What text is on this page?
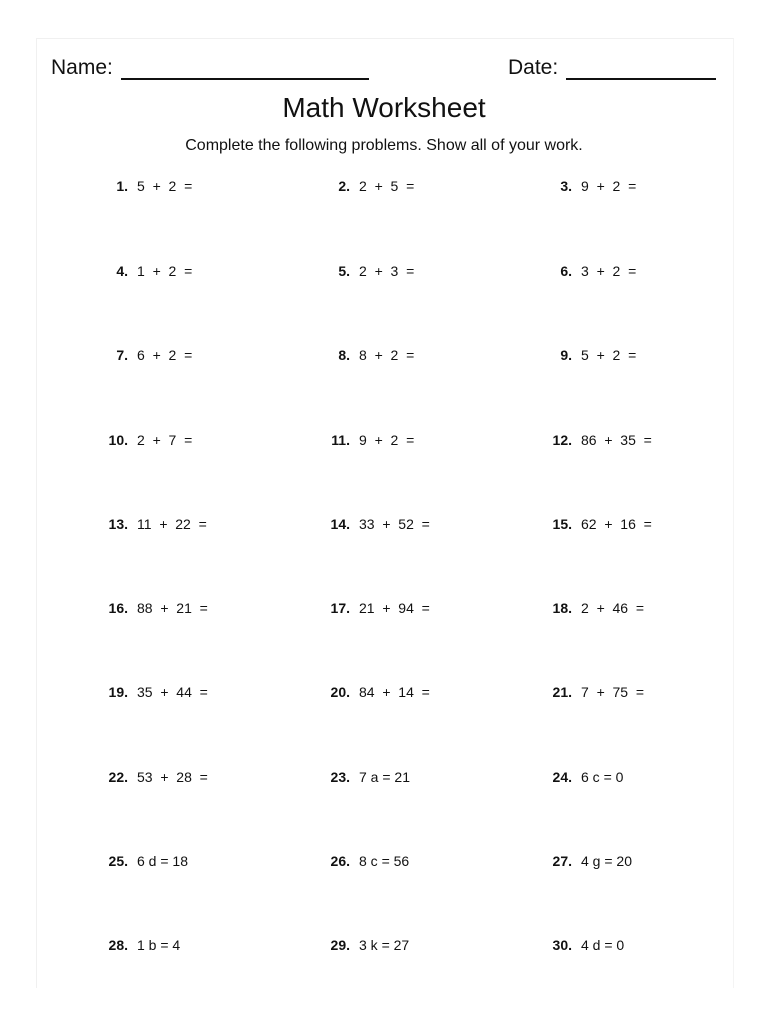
Name:	Date:
Math Worksheet
Complete the following problems. Show all of your work.
1. 5  +  2  =	2. 2  +  5  =	3. 9  +  2  =
4. 1  +  2  =	5. 2  +  3  =	6. 3  +  2  =
7. 6  +  2  =	8. 8  +  2  =	9. 5  +  2  =
10. 2  +  7  =	11. 9  +  2  =	12. 86  +  35  =
13. 11  +  22  =	14. 33  +  52  =	15. 62  +  16  =
16. 88  +  21  =	17. 21  +  94  =	18. 2  +  46  =
19. 35  +  44  =	20. 84  +  14  =	21. 7  +  75  =
22. 53  +  28  =	23. 7 a = 21	24. 6 c = 0
25. 6 d = 18	26. 8 c = 56	27. 4 g = 20
28. 1 b = 4	29. 3 k = 27	30. 4 d = 0
